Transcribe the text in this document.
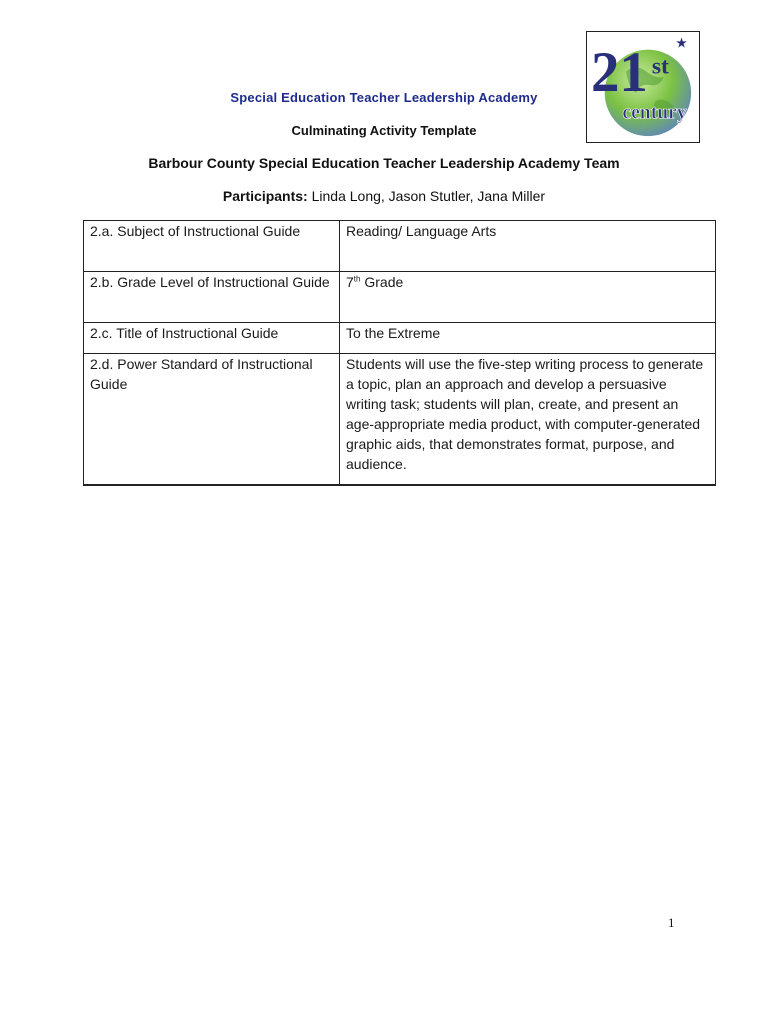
21 st
★
century
Special Education Teacher Leadership Academy
Culminating Activity Template
Barbour County Special Education Teacher Leadership Academy Team
Participants: Linda Long, Jason Stutler, Jana Miller
2.a. Subject of Instructional Guide	Reading/ Language Arts
2.b. Grade Level of Instructional Guide	7th Grade
2.c. Title of Instructional Guide	To the Extreme
2.d. Power Standard of Instructional Guide	Students will use the five-step writing process to generate a topic, plan an approach and develop a persuasive writing task; students will plan, create, and present an age-appropriate media product, with computer-generated graphic aids, that demonstrates format, purpose, and audience.
1
